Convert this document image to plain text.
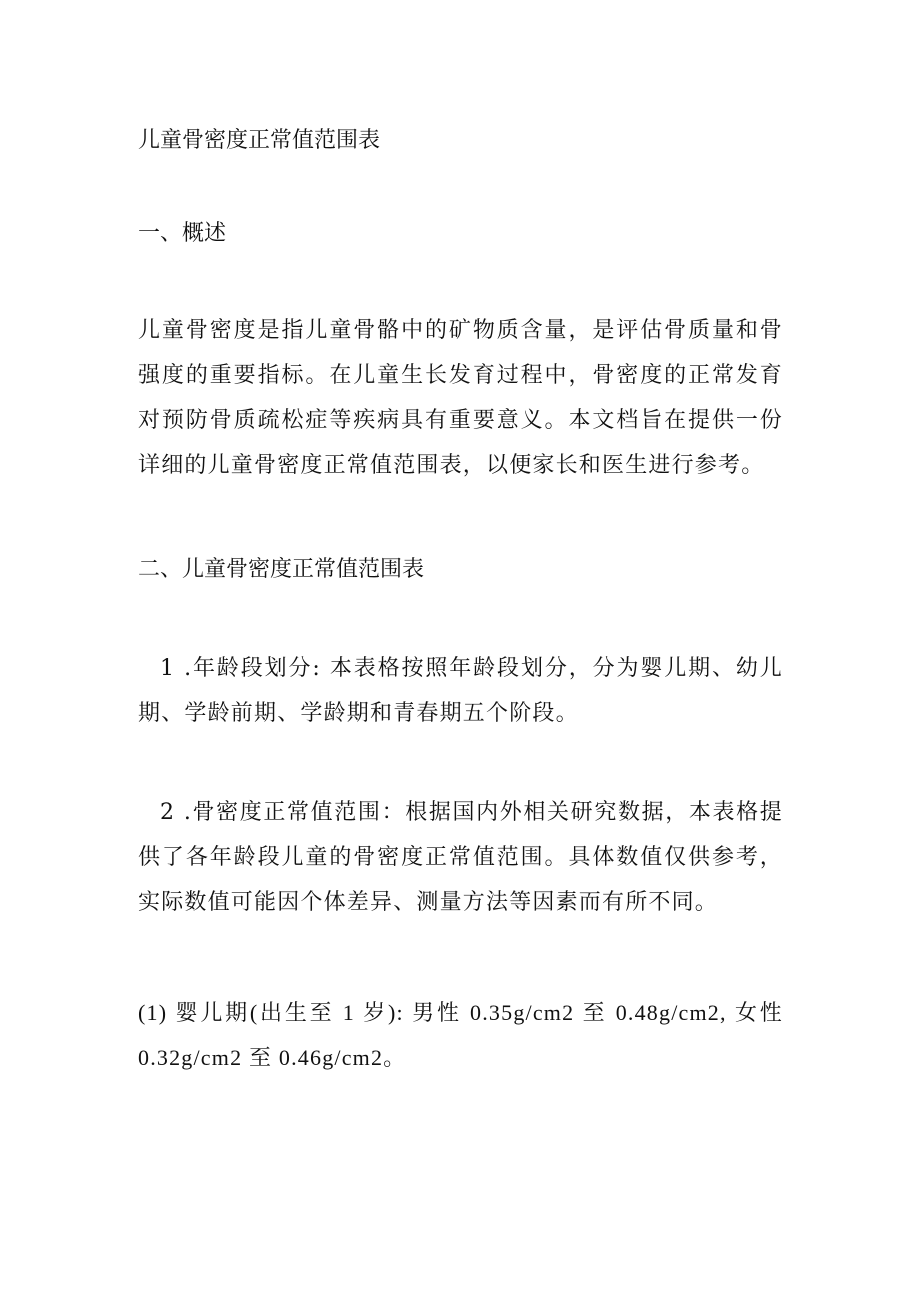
儿童骨密度正常值范围表
一、概述
儿童骨密度是指儿童骨骼中的矿物质含量，是评估骨质量和骨强度的重要指标。在儿童生长发育过程中，骨密度的正常发育对预防骨质疏松症等疾病具有重要意义。本文档旨在提供一份详细的儿童骨密度正常值范围表，以便家长和医生进行参考。
二、儿童骨密度正常值范围表
1 .年龄段划分: 本表格按照年龄段划分，分为婴儿期、幼儿期、学龄前期、学龄期和青春期五个阶段。
2 .骨密度正常值范围：根据国内外相关研究数据，本表格提供了各年龄段儿童的骨密度正常值范围。具体数值仅供参考，实际数值可能因个体差异、测量方法等因素而有所不同。
(1) 婴儿期(出生至 1 岁): 男性 0.35g/cm2 至 0.48g/cm2, 女性 0.32g/cm2 至 0.46g/cm2。
